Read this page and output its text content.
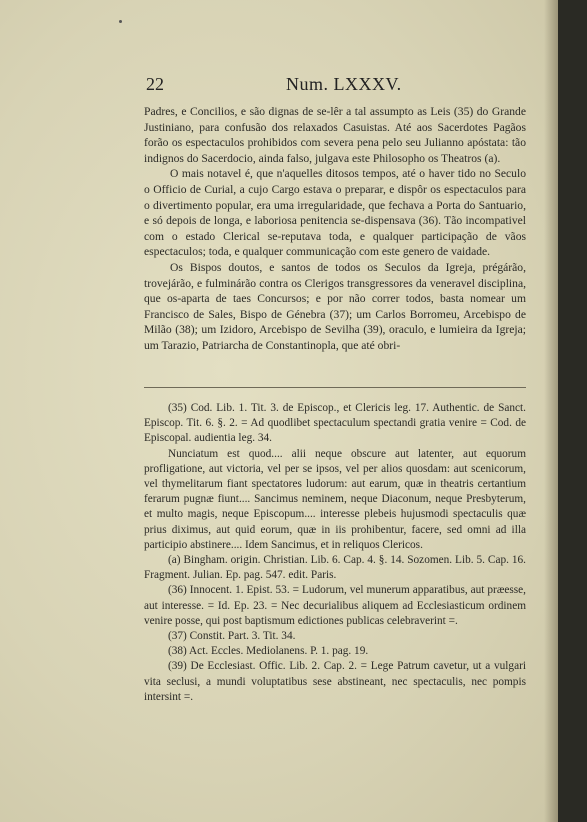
22	Num. LXXXV.

Padres, e Concilios, e são dignas de se-lêr a tal assumpto as Leis (35) do Grande Justiniano, para confusão dos relaxados Casuistas. Até aos Sacerdotes Pagãos forão os espectaculos prohibidos com severa pena pelo seu Julianno apóstata: tão indignos do Sacerdocio, ainda falso, julgava este Philosopho os Theatros (a).

O mais notavel é, que n'aquelles ditosos tempos, até o haver tido no Seculo o Officio de Curial, a cujo Cargo estava o preparar, e dispôr os espectaculos para o divertimento popular, era uma irregularidade, que fechava a Porta do Santuario, e só depois de longa, e laboriosa penitencia se-dispensava (36). Tão incompativel com o estado Clerical se-reputava toda, e qualquer participação de vãos espectaculos; toda, e qualquer communicação com este genero de vaidade.

Os Bispos doutos, e santos de todos os Seculos da Igreja, prégárão, trovejárão, e fulminárão contra os Clerigos transgressores da veneravel disciplina, que os-aparta de taes Concursos; e por não correr todos, basta nomear um Francisco de Sales, Bispo de Génebra (37); um Carlos Borromeu, Arcebispo de Milão (38); um Izidoro, Arcebispo de Sevilha (39), oraculo, e lumieira da Igreja; um Tarazio, Patriarcha de Constantinopla, que até obri-

(35) Cod. Lib. 1. Tit. 3. de Episcop., et Clericis leg. 17. Authentic. de Sanct. Episcop. Tit. 6. §. 2. = Ad quodlibet spectaculum spectandi gratia venire = Cod. de Episcopal. audientia leg. 34.

Nunciatum est quod.... alii neque obscure aut latenter, aut equorum profligatione, aut victoria, vel per se ipsos, vel per alios quosdam: aut scenicorum, vel thymelitarum fiant spectatores ludorum: aut earum, quæ in theatris certantium ferarum pugnæ fiunt.... Sancimus neminem, neque Diaconum, neque Presbyterum, et multo magis, neque Episcopum.... interesse plebeis hujusmodi spectaculis quæ prius diximus, aut quid eorum, quæ in iis prohibentur, facere, sed omni ad illa participio abstinere.... Idem Sancimus, et in reliquos Clericos.

(a) Bingham. origin. Christian. Lib. 6. Cap. 4. §. 14. Sozomen. Lib. 5. Cap. 16. Fragment. Julian. Ep. pag. 547. edit. Paris.

(36) Innocent. 1. Epist. 53. = Ludorum, vel munerum apparatibus, aut præesse, aut interesse. = Id. Ep. 23. = Nec decurialibus aliquem ad Ecclesiasticum ordinem venire posse, qui post baptismum edictiones publicas celebraverint =.

(37) Constit. Part. 3. Tit. 34.

(38) Act. Eccles. Mediolanens. P. 1. pag. 19.

(39) De Ecclesiast. Offic. Lib. 2. Cap. 2. = Lege Patrum cavetur, ut a vulgari vita seclusi, a mundi voluptatibus sese abstineant, nec spectaculis, nec pompis intersint =.
